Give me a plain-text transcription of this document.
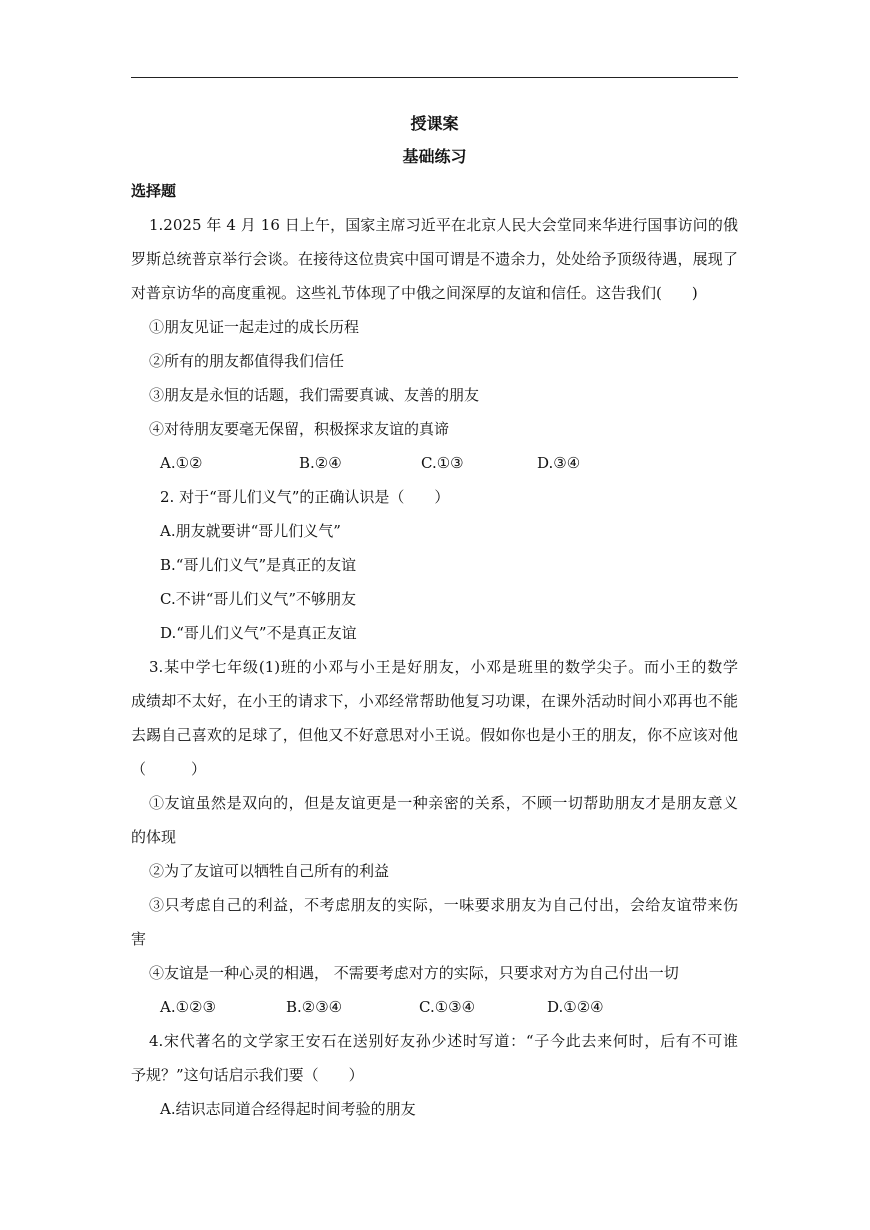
授课案
基础练习
选择题
1.2025 年 4 月 16 日上午，国家主席习近平在北京人民大会堂同来华进行国事访问的俄
罗斯总统普京举行会谈。在接待这位贵宾中国可谓是不遗余力，处处给予顶级待遇，展现了
对普京访华的高度重视。这些礼节体现了中俄之间深厚的友谊和信任。这告我们(　　)
①朋友见证一起走过的成长历程
②所有的朋友都值得我们信任
③朋友是永恒的话题，我们需要真诚、友善的朋友
④对待朋友要毫无保留，积极探求友谊的真谛
A.①②	B.②④	C.①③	D.③④
2. 对于“哥儿们义气”的正确认识是（　　）
A.朋友就要讲“哥儿们义气”
B.“哥儿们义气”是真正的友谊
C.不讲“哥儿们义气”不够朋友
D.“哥儿们义气”不是真正友谊
3.某中学七年级(1)班的小邓与小王是好朋友，小邓是班里的数学尖子。而小王的数学
成绩却不太好，在小王的请求下，小邓经常帮助他复习功课，在课外活动时间小邓再也不能
去踢自己喜欢的足球了，但他又不好意思对小王说。假如你也是小王的朋友，你不应该对他
（　　　）
①友谊虽然是双向的，但是友谊更是一种亲密的关系，不顾一切帮助朋友才是朋友意义
的体现
②为了友谊可以牺牲自己所有的利益
③只考虑自己的利益，不考虑朋友的实际，一味要求朋友为自己付出，会给友谊带来伤
害
④友谊是一种心灵的相遇， 不需要考虑对方的实际，只要求对方为自己付出一切
A.①②③	B.②③④	C.①③④	D.①②④
4.宋代著名的文学家王安石在送别好友孙少述时写道：“子今此去来何时，后有不可谁
予规？”这句话启示我们要（　　）
A.结识志同道合经得起时间考验的朋友
